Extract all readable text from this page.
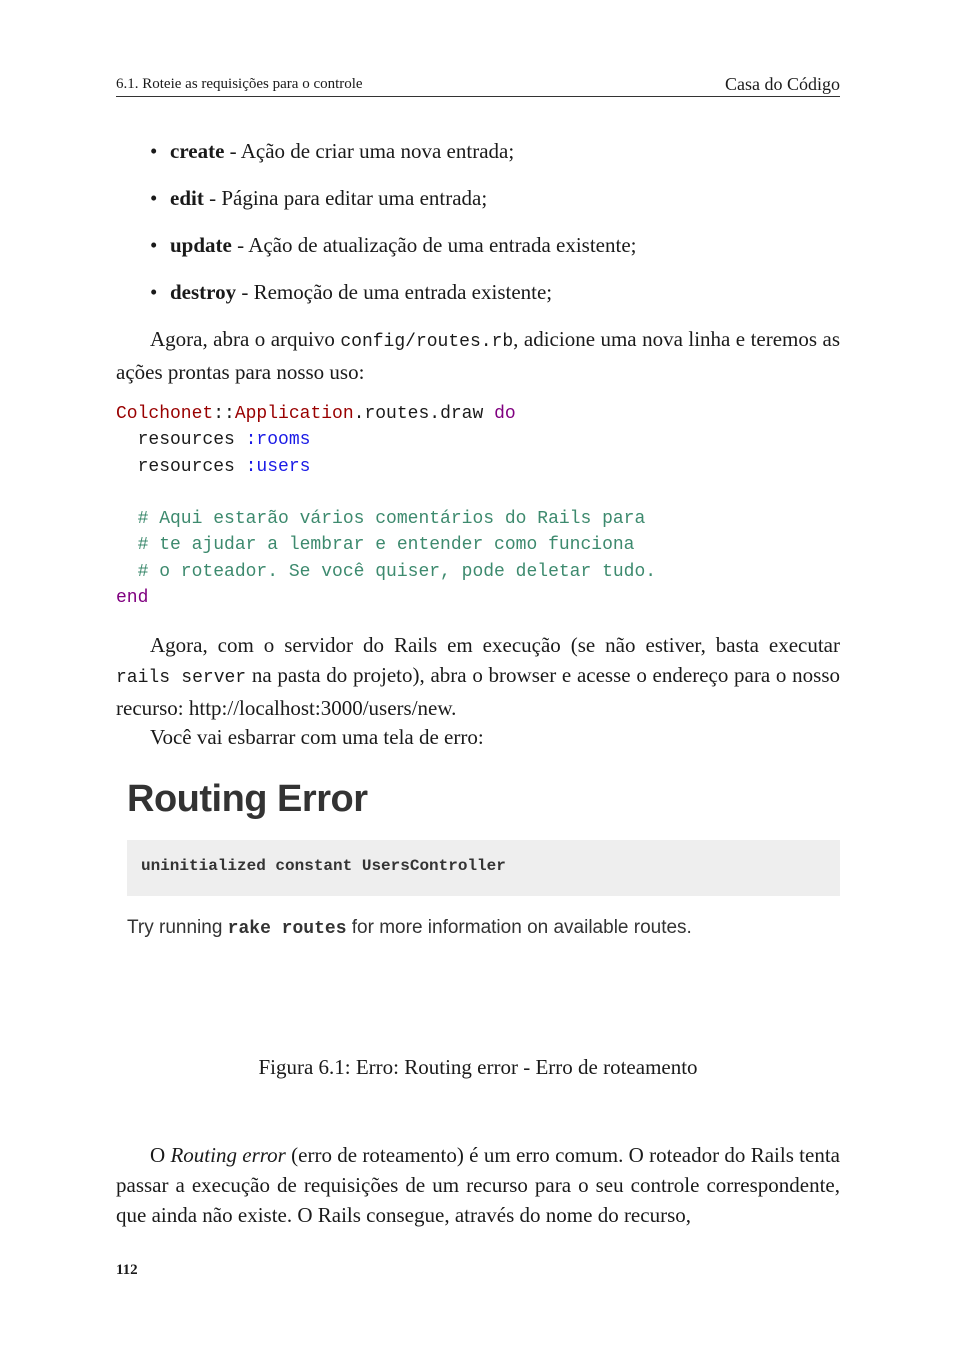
6.1. Roteie as requisições para o controle	Casa do Código
• create - Ação de criar uma nova entrada;
• edit - Página para editar uma entrada;
• update - Ação de atualização de uma entrada existente;
• destroy - Remoção de uma entrada existente;

Agora, abra o arquivo config/routes.rb, adicione uma nova linha e teremos as ações prontas para nosso uso:

Colchonet::Application.routes.draw do
resources :rooms
resources :users

# Aqui estarão vários comentários do Rails para
# te ajudar a lembrar e entender como funciona
# o roteador. Se você quiser, pode deletar tudo.
end

Agora, com o servidor do Rails em execução (se não estiver, basta executar rails server na pasta do projeto), abra o browser e acesse o endereço para o nosso recurso: http://localhost:3000/users/new.

Você vai esbarrar com uma tela de erro:

Routing Error
uninitialized constant UsersController
Try running rake routes for more information on available routes.
Figura 6.1: Erro: Routing error - Erro de roteamento

O Routing error (erro de roteamento) é um erro comum. O roteador do Rails tenta passar a execução de requisições de um recurso para o seu controle correspondente, que ainda não existe. O Rails consegue, através do nome do recurso,

112
